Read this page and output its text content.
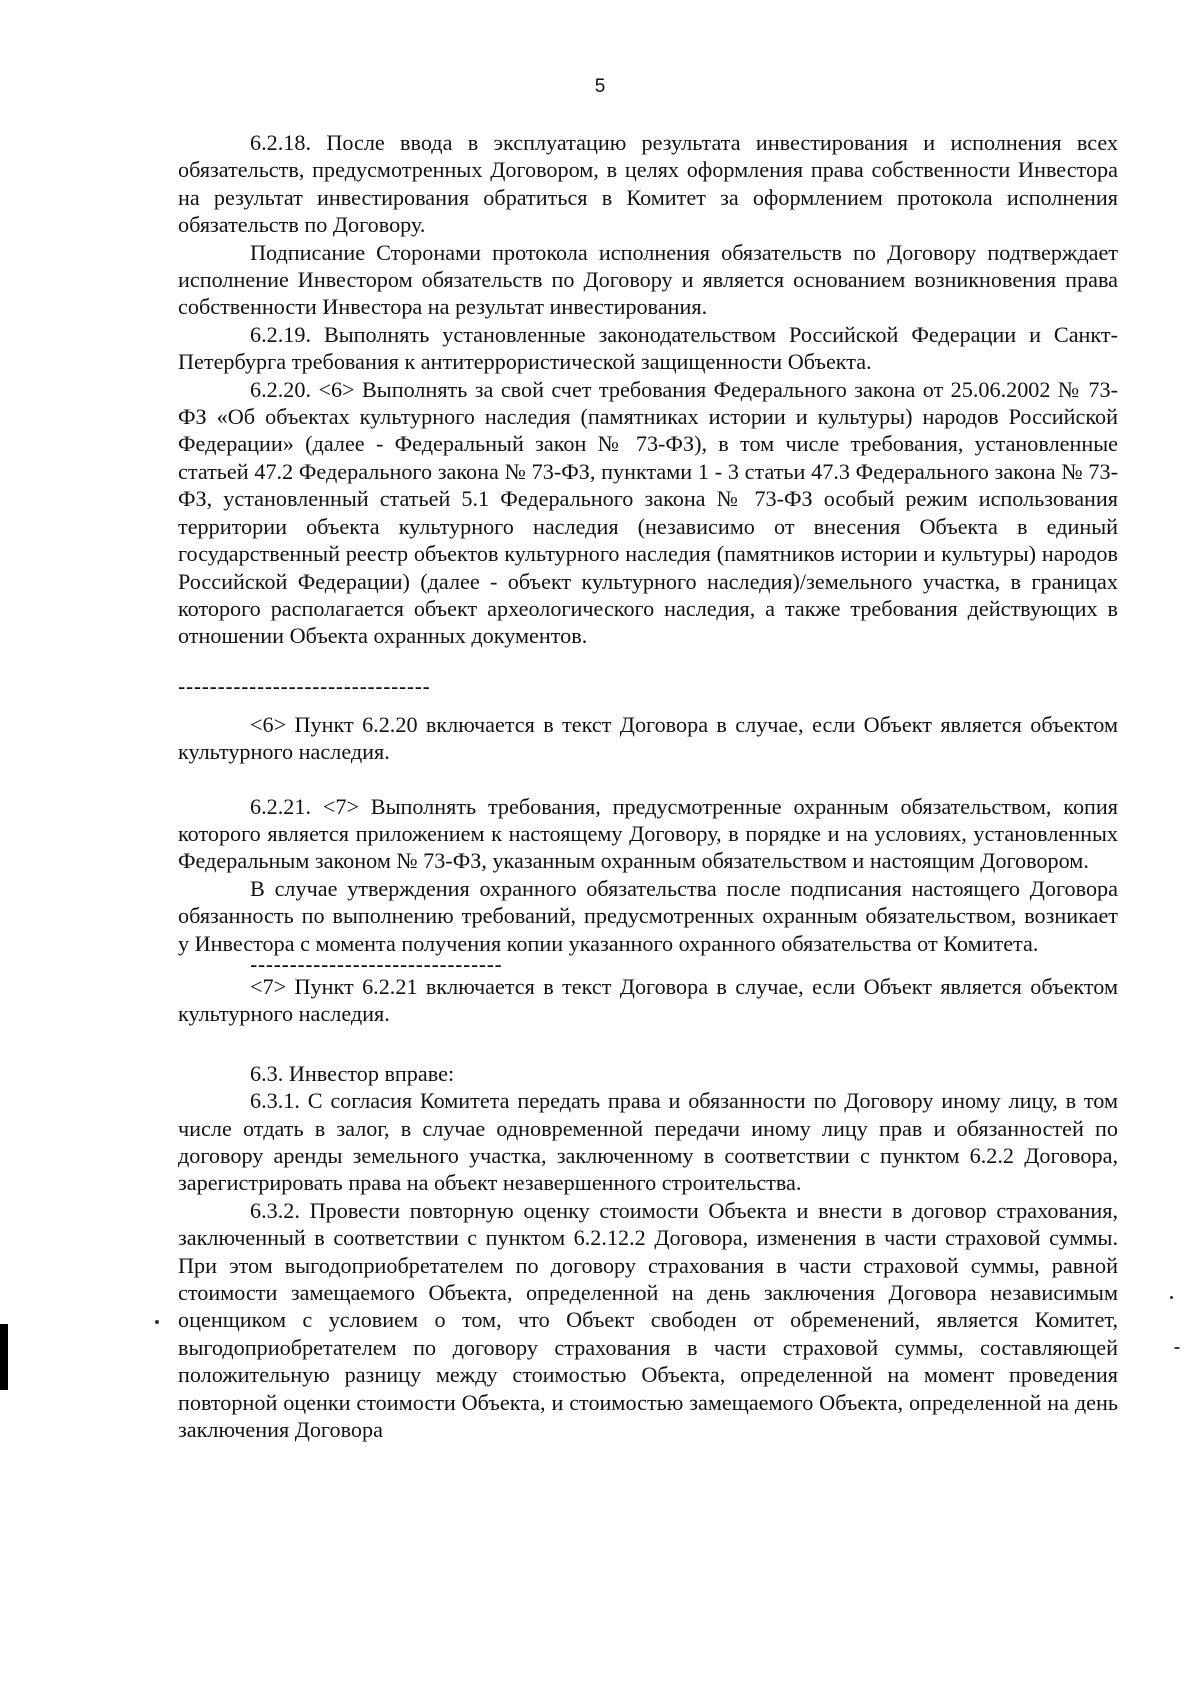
5

6.2.18. После ввода в эксплуатацию результата инвестирования и исполнения всех обязательств, предусмотренных Договором, в целях оформления права собственности Инвестора на результат инвестирования обратиться в Комитет за оформлением протокола исполнения обязательств по Договору.

Подписание Сторонами протокола исполнения обязательств по Договору подтверждает исполнение Инвестором обязательств по Договору и является основанием возникновения права собственности Инвестора на результат инвестирования.

6.2.19. Выполнять установленные законодательством Российской Федерации и Санкт-Петербурга требования к антитеррористической защищенности Объекта.

6.2.20. <6> Выполнять за свой счет требования Федерального закона от 25.06.2002 № 73-ФЗ «Об объектах культурного наследия (памятниках истории и культуры) народов Российской Федерации» (далее - Федеральный закон № 73-ФЗ), в том числе требования, установленные статьей 47.2 Федерального закона № 73-ФЗ, пунктами 1 - 3 статьи 47.3 Федерального закона № 73-ФЗ, установленный статьей 5.1 Федерального закона № 73-ФЗ особый режим использования территории объекта культурного наследия (независимо от внесения Объекта в единый государственный реестр объектов культурного наследия (памятников истории и культуры) народов Российской Федерации) (далее - объект культурного наследия)/земельного участка, в границах которого располагается объект археологического наследия, а также требования действующих в отношении Объекта охранных документов.

--------------------------------

<6> Пункт 6.2.20 включается в текст Договора в случае, если Объект является объектом культурного наследия.

6.2.21. <7> Выполнять требования, предусмотренные охранным обязательством, копия которого является приложением к настоящему Договору, в порядке и на условиях, установленных Федеральным законом № 73-ФЗ, указанным охранным обязательством и настоящим Договором.

В случае утверждения охранного обязательства после подписания настоящего Договора обязанность по выполнению требований, предусмотренных охранным обязательством, возникает у Инвестора с момента получения копии указанного охранного обязательства от Комитета.

--------------------------------

<7> Пункт 6.2.21 включается в текст Договора в случае, если Объект является объектом культурного наследия.

6.3. Инвестор вправе:

6.3.1. С согласия Комитета передать права и обязанности по Договору иному лицу, в том числе отдать в залог, в случае одновременной передачи иному лицу прав и обязанностей по договору аренды земельного участка, заключенному в соответствии с пунктом 6.2.2 Договора, зарегистрировать права на объект незавершенного строительства.

6.3.2. Провести повторную оценку стоимости Объекта и внести в договор страхования, заключенный в соответствии с пунктом 6.2.12.2 Договора, изменения в части страховой суммы. При этом выгодоприобретателем по договору страхования в части страховой суммы, равной стоимости замещаемого Объекта, определенной на день заключения Договора независимым оценщиком с условием о том, что Объект свободен от обременений, является Комитет, выгодоприобретателем по договору страхования в части страховой суммы, составляющей положительную разницу между стоимостью Объекта, определенной на момент проведения повторной оценки стоимости Объекта, и стоимостью замещаемого Объекта, определенной на день заключения Договора
